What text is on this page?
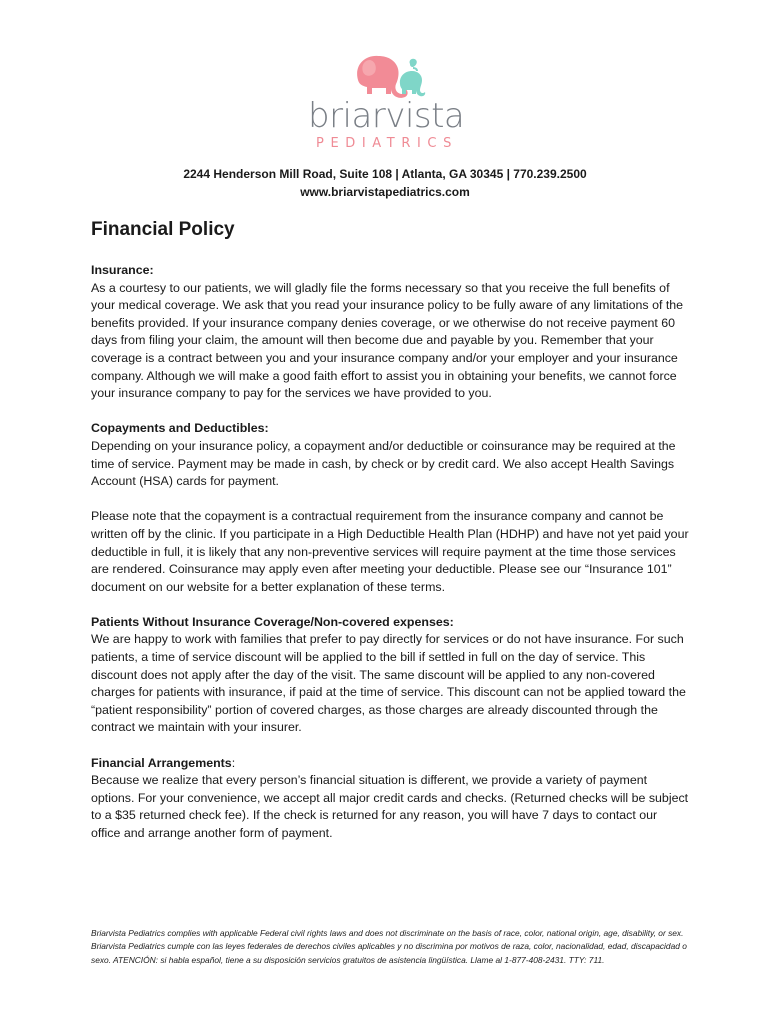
briarvista
PEDIATRICS
2244 Henderson Mill Road, Suite 108 | Atlanta, GA 30345 | 770.239.2500
www.briarvistapediatrics.com
Financial Policy
Insurance:

As a courtesy to our patients, we will gladly file the forms necessary so that you receive the full benefits of your medical coverage. We ask that you read your insurance policy to be fully aware of any limitations of the benefits provided. If your insurance company denies coverage, or we otherwise do not receive payment 60 days from filing your claim, the amount will then become due and payable by you. Remember that your coverage is a contract between you and your insurance company and/or your employer and your insurance company. Although we will make a good faith effort to assist you in obtaining your benefits, we cannot force your insurance company to pay for the services we have provided to you.

Copayments and Deductibles:

Depending on your insurance policy, a copayment and/or deductible or coinsurance may be required at the time of service. Payment may be made in cash, by check or by credit card. We also accept Health Savings Account (HSA) cards for payment.

Please note that the copayment is a contractual requirement from the insurance company and cannot be written off by the clinic. If you participate in a High Deductible Health Plan (HDHP) and have not yet paid your deductible in full, it is likely that any non-preventive services will require payment at the time those services are rendered. Coinsurance may apply even after meeting your deductible. Please see our “Insurance 101” document on our website for a better explanation of these terms.

Patients Without Insurance Coverage/Non-covered expenses:

We are happy to work with families that prefer to pay directly for services or do not have insurance. For such patients, a time of service discount will be applied to the bill if settled in full on the day of service. This discount does not apply after the day of the visit. The same discount will be applied to any non-covered charges for patients with insurance, if paid at the time of service. This discount can not be applied toward the “patient responsibility” portion of covered charges, as those charges are already discounted through the contract we maintain with your insurer.

Financial Arrangements:

Because we realize that every person’s financial situation is different, we provide a variety of payment options. For your convenience, we accept all major credit cards and checks. (Returned checks will be subject to a $35 returned check fee). If the check is returned for any reason, you will have 7 days to contact our office and arrange another form of payment.

Briarvista Pediatrics complies with applicable Federal civil rights laws and does not discriminate on the basis of race, color, national origin, age, disability, or sex. Briarvista Pediatrics cumple con las leyes federales de derechos civiles aplicables y no discrimina por motivos de raza, color, nacionalidad, edad, discapacidad o sexo. ATENCIÓN: si habla español, tiene a su disposición servicios gratuitos de asistencia lingüística. Llame al 1-877-408-2431. TTY: 711.
